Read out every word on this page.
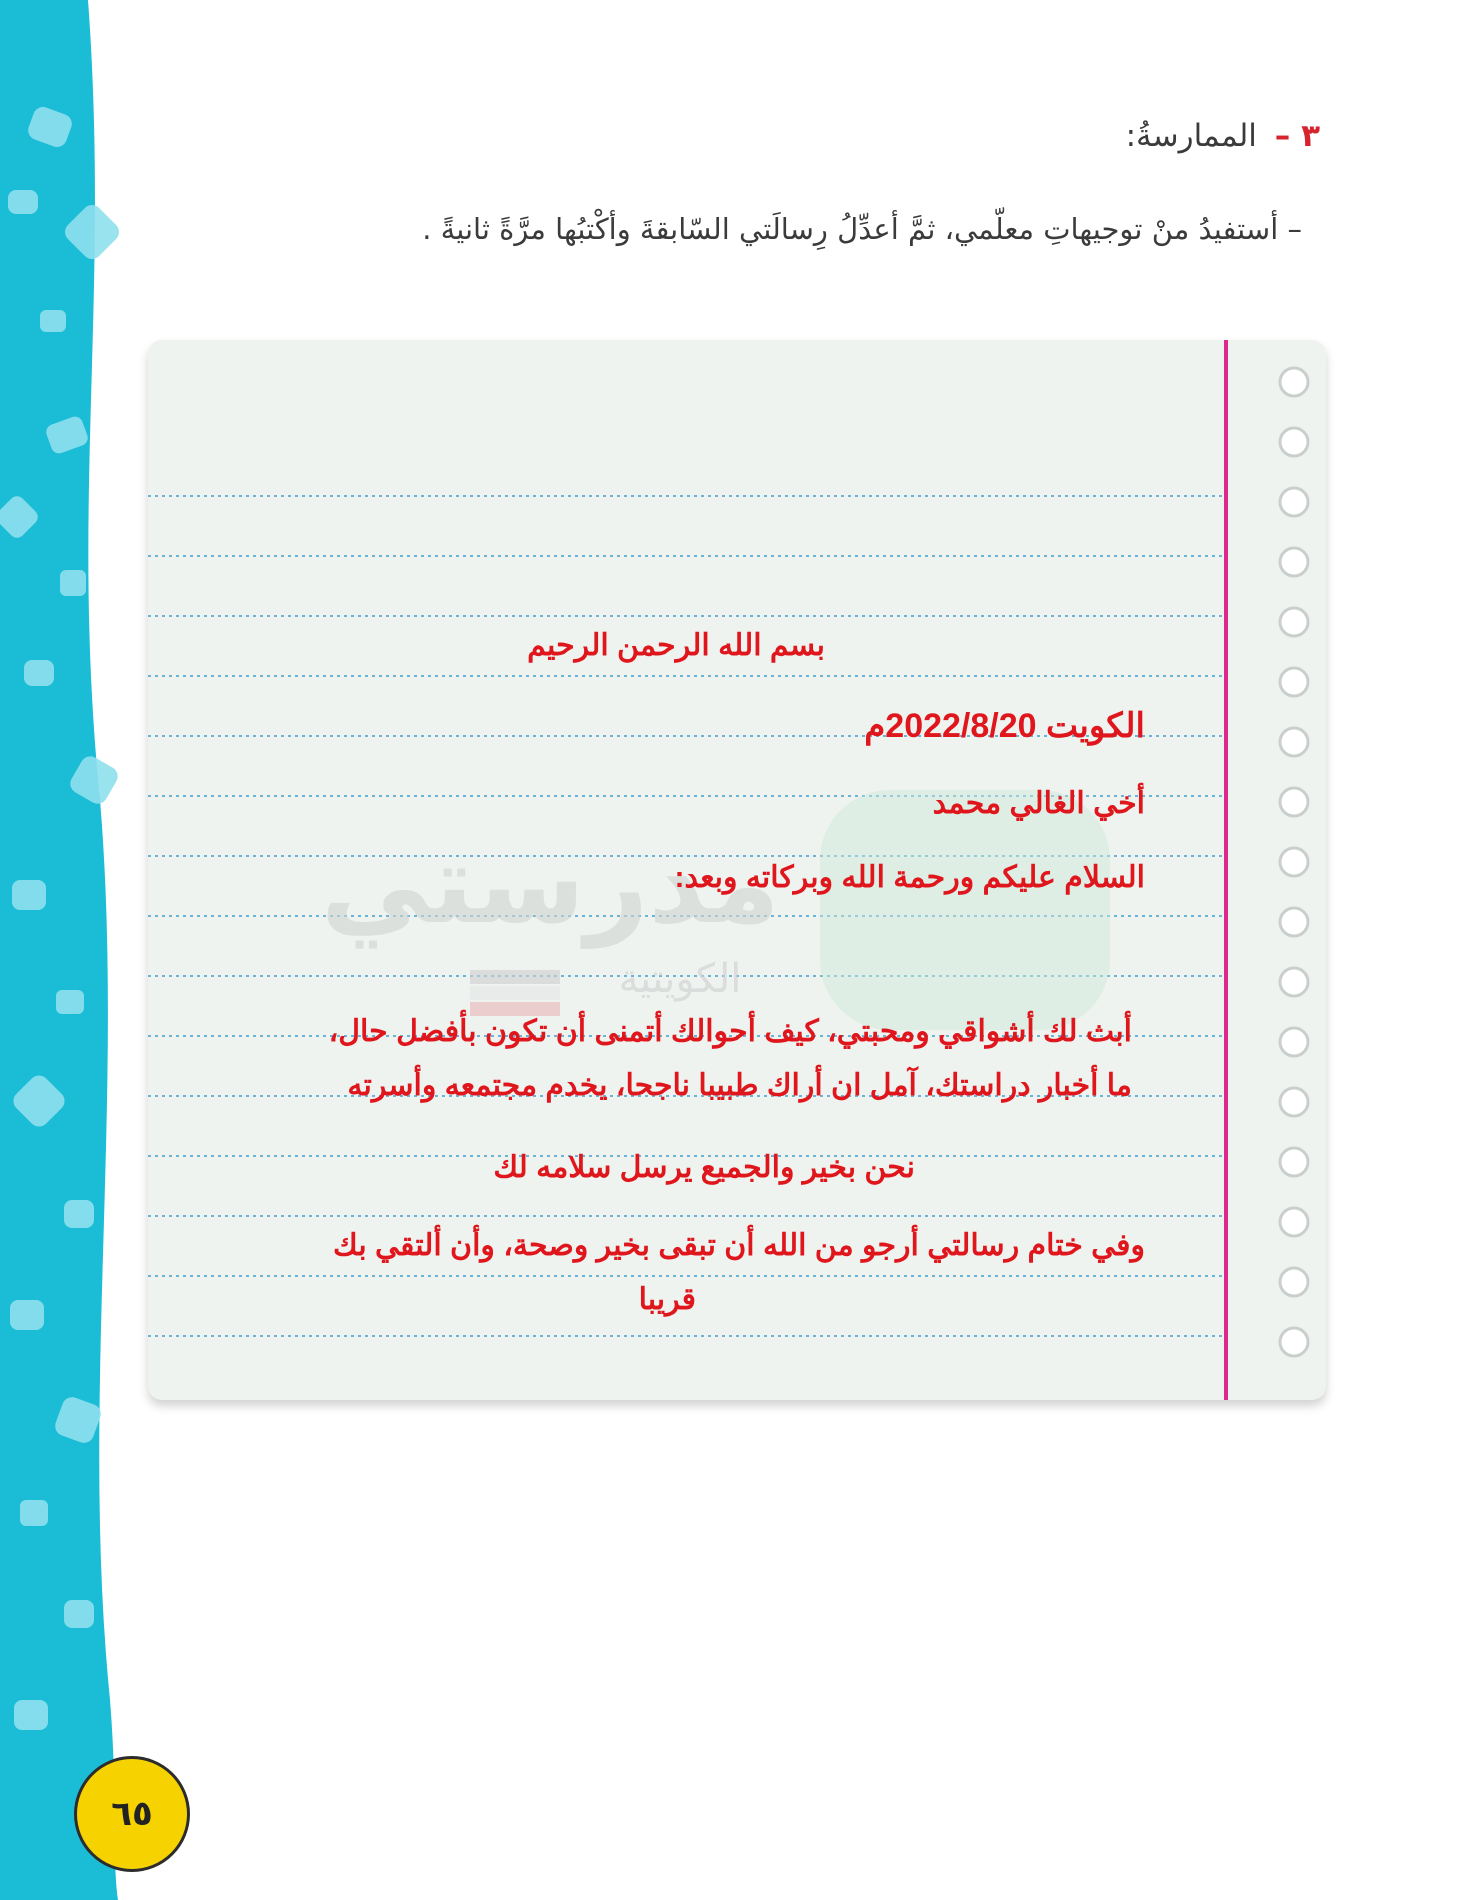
٣ – الممارسةُ:
– أستفيدُ منْ توجيهاتِ معلّمي، ثمَّ أعدِّلُ رِسالَتي السّابقةَ وأكْتبُها مرَّةً ثانيةً .
مدرستي
الكويتية
بسم الله الرحمن الرحيم
الكويت 2022/8/20م
أخي الغالي محمد
السلام عليكم ورحمة الله وبركاته وبعد:
أبث لك أشواقي ومحبتي، كيف أحوالك أتمنى أن تكون بأفضل حال،
ما أخبار دراستك، آمل ان أراك طبيبا ناجحا، يخدم مجتمعه وأسرته
نحن بخير والجميع يرسل سلامه لك
وفي ختام رسالتي أرجو من الله أن تبقى بخير وصحة، وأن ألتقي بك
قريبا
٦٥
